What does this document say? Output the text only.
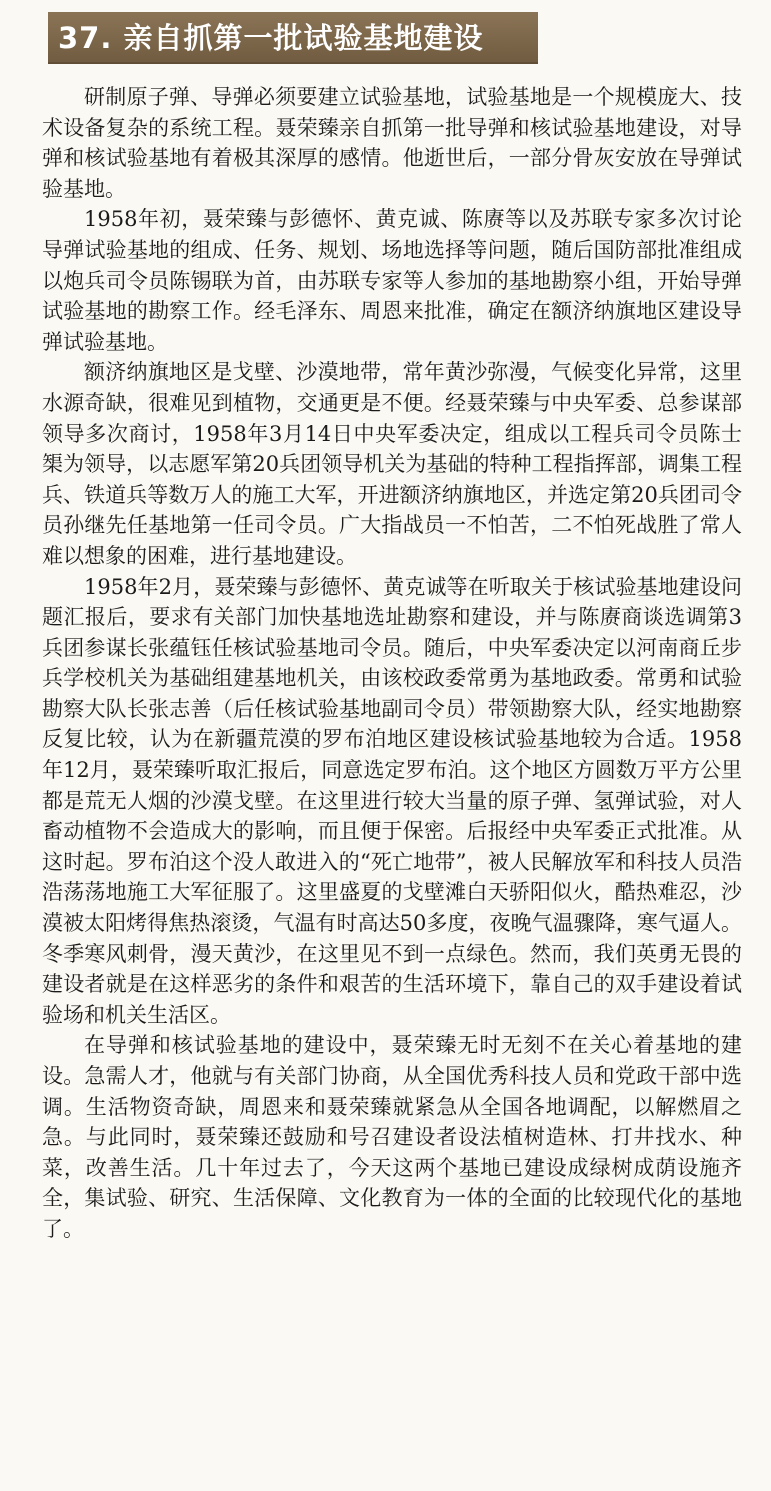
37. 亲自抓第一批试验基地建设

研制原子弹、导弹必须要建立试验基地，试验基地是一个规模庞大、技术设备复杂的系统工程。聂荣臻亲自抓第一批导弹和核试验基地建设，对导弹和核试验基地有着极其深厚的感情。他逝世后，一部分骨灰安放在导弹试验基地。

1958年初，聂荣臻与彭德怀、黄克诚、陈赓等以及苏联专家多次讨论导弹试验基地的组成、任务、规划、场地选择等问题，随后国防部批准组成以炮兵司令员陈锡联为首，由苏联专家等人参加的基地勘察小组，开始导弹试验基地的勘察工作。经毛泽东、周恩来批准，确定在额济纳旗地区建设导弹试验基地。

额济纳旗地区是戈壁、沙漠地带，常年黄沙弥漫，气候变化异常，这里水源奇缺，很难见到植物，交通更是不便。经聂荣臻与中央军委、总参谋部领导多次商讨，1958年3月14日中央军委决定，组成以工程兵司令员陈士榘为领导，以志愿军第20兵团领导机关为基础的特种工程指挥部，调集工程兵、铁道兵等数万人的施工大军，开进额济纳旗地区，并选定第20兵团司令员孙继先任基地第一任司令员。广大指战员一不怕苦，二不怕死战胜了常人难以想象的困难，进行基地建设。

1958年2月，聂荣臻与彭德怀、黄克诚等在听取关于核试验基地建设问题汇报后，要求有关部门加快基地选址勘察和建设，并与陈赓商谈选调第3兵团参谋长张蕴钰任核试验基地司令员。随后，中央军委决定以河南商丘步兵学校机关为基础组建基地机关，由该校政委常勇为基地政委。常勇和试验勘察大队长张志善（后任核试验基地副司令员）带领勘察大队，经实地勘察反复比较，认为在新疆荒漠的罗布泊地区建设核试验基地较为合适。1958年12月，聂荣臻听取汇报后，同意选定罗布泊。这个地区方圆数万平方公里都是荒无人烟的沙漠戈壁。在这里进行较大当量的原子弹、氢弹试验，对人畜动植物不会造成大的影响，而且便于保密。后报经中央军委正式批准。从这时起。罗布泊这个没人敢进入的“死亡地带”，被人民解放军和科技人员浩浩荡荡地施工大军征服了。这里盛夏的戈壁滩白天骄阳似火，酷热难忍，沙漠被太阳烤得焦热滚烫，气温有时高达50多度，夜晚气温骤降，寒气逼人。冬季寒风刺骨，漫天黄沙，在这里见不到一点绿色。然而，我们英勇无畏的建设者就是在这样恶劣的条件和艰苦的生活环境下，靠自己的双手建设着试验场和机关生活区。

在导弹和核试验基地的建设中，聂荣臻无时无刻不在关心着基地的建设。急需人才，他就与有关部门协商，从全国优秀科技人员和党政干部中选调。生活物资奇缺，周恩来和聂荣臻就紧急从全国各地调配，以解燃眉之急。与此同时，聂荣臻还鼓励和号召建设者设法植树造林、打井找水、种菜，改善生活。几十年过去了，今天这两个基地已建设成绿树成荫设施齐全，集试验、研究、生活保障、文化教育为一体的全面的比较现代化的基地了。
